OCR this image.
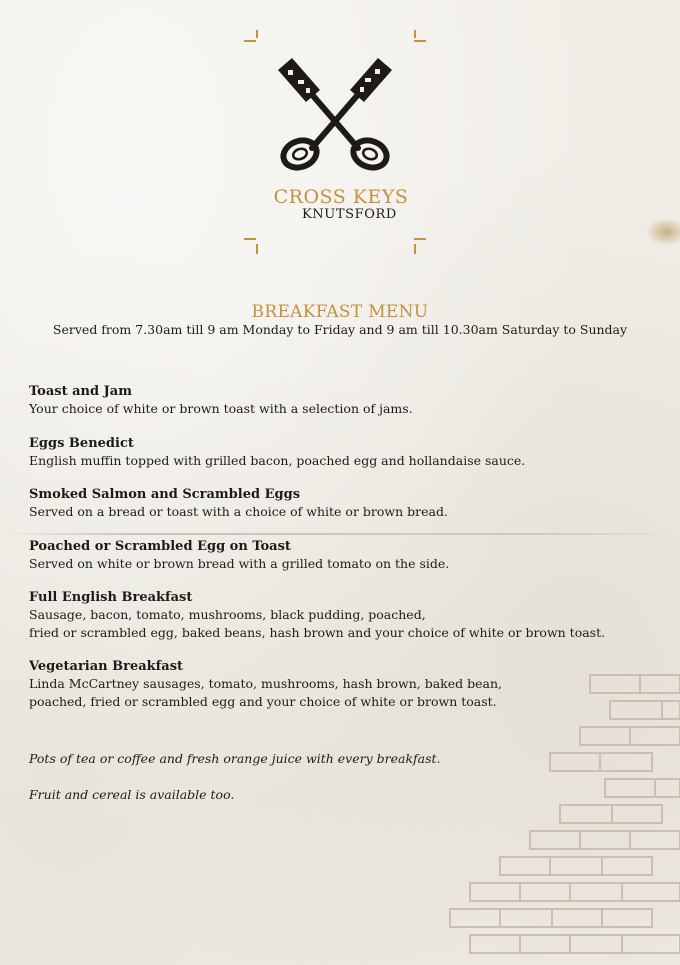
CROSS KEYS
KNUTSFORD
BREAKFAST MENU
Served from 7.30am till 9 am Monday to Friday and 9 am till 10.30am Saturday to Sunday
Toast and Jam
Your choice of white or brown toast with a selection of jams.
Eggs Benedict
English muffin topped with grilled bacon, poached egg and hollandaise sauce.
Smoked Salmon and Scrambled Eggs
Served on a bread or toast with a choice of white or brown bread.
Poached or Scrambled Egg on Toast
Served on white or brown bread with a grilled tomato on the side.
Full English Breakfast
Sausage, bacon, tomato, mushrooms, black pudding, poached,
fried or scrambled egg, baked beans, hash brown and your choice of white or brown toast.
Vegetarian Breakfast
Linda McCartney sausages, tomato, mushrooms, hash brown, baked bean,
poached, fried or scrambled egg and your choice of white or brown toast.
Pots of tea or coffee and fresh orange juice with every breakfast.
Fruit and cereal is available too.
